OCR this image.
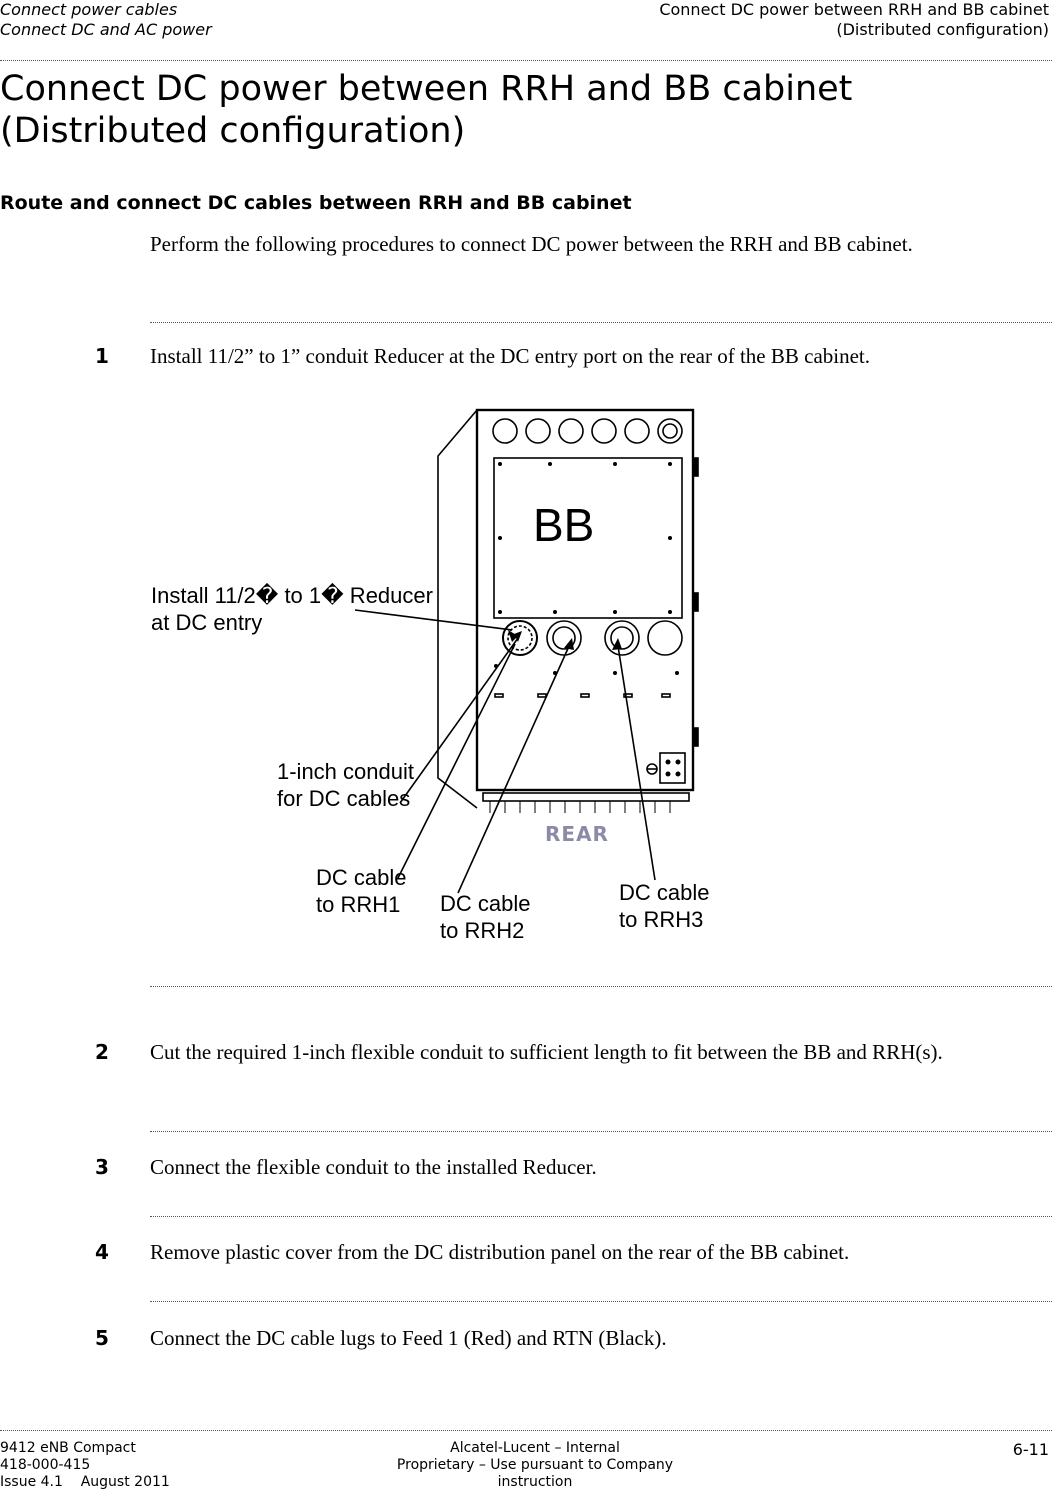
Connect power cables
Connect DC and AC power
Connect DC power between RRH and BB cabinet
(Distributed configuration)
Connect DC power between RRH and BB cabinet (Distributed configuration)
Route and connect DC cables between RRH and BB cabinet
Perform the following procedures to connect DC power between the RRH and BB cabinet.
1 Install 11/2” to 1” conduit Reducer at the DC entry port on the rear of the BB cabinet.
BB
REAR
Install 11/2� to 1� Reducer
at DC entry
1-inch conduit
for DC cables
DC cable
to RRH1 DC cable
to RRH2
DC cable
to RRH3
2 Cut the required 1-inch flexible conduit to sufficient length to fit between the BB and RRH(s).
3 Connect the flexible conduit to the installed Reducer.
4 Remove plastic cover from the DC distribution panel on the rear of the BB cabinet.
5 Connect the DC cable lugs to Feed 1 (Red) and RTN (Black).
9412 eNB Compact
418-000-415
Issue 4.1    August 2011
Alcatel-Lucent – Internal
Proprietary – Use pursuant to Company instruction
6-11
